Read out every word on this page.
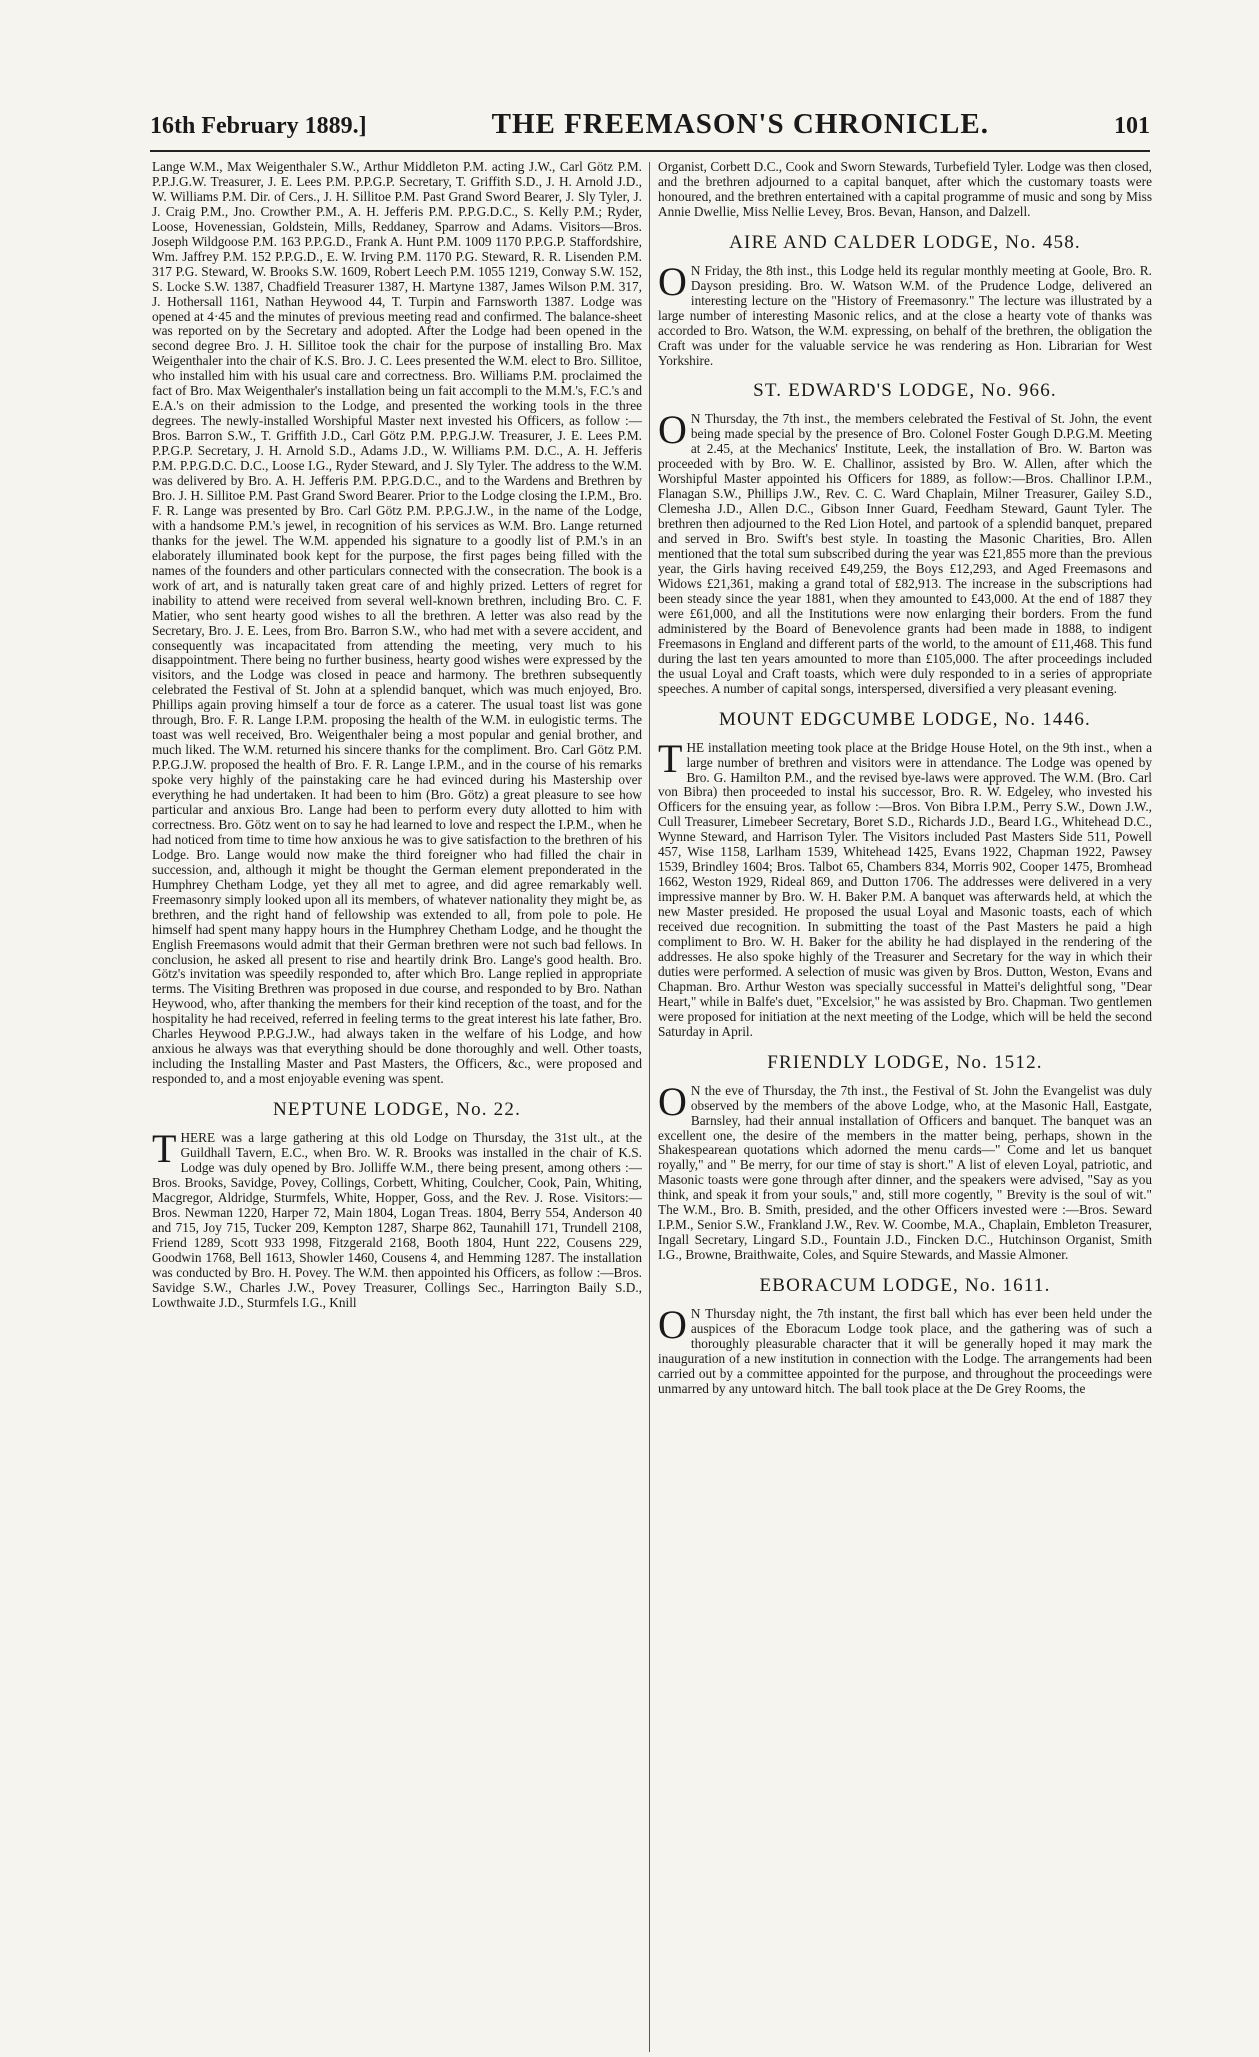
16th February 1889.]	THE FREEMASON'S CHRONICLE.	101

Lange W.M., Max Weigenthaler S.W., Arthur Middleton P.M. acting J.W., Carl Götz P.M. P.P.J.G.W. Treasurer, J. E. Lees P.M. P.P.G.P. Secretary, T. Griffith S.D., J. H. Arnold J.D., W. Williams P.M. Dir. of Cers., J. H. Sillitoe P.M. Past Grand Sword Bearer, J. Sly Tyler, J. J. Craig P.M., Jno. Crowther P.M., A. H. Jefferis P.M. P.P.G.D.C., S. Kelly P.M.; Ryder, Loose, Hovenessian, Goldstein, Mills, Reddaney, Sparrow and Adams. Visitors—Bros. Joseph Wildgoose P.M. 163 P.P.G.D., Frank A. Hunt P.M. 1009 1170 P.P.G.P. Staffordshire, Wm. Jaffrey P.M. 152 P.P.G.D., E. W. Irving P.M. 1170 P.G. Steward, R. R. Lisenden P.M. 317 P.G. Steward, W. Brooks S.W. 1609, Robert Leech P.M. 1055 1219, Conway S.W. 152, S. Locke S.W. 1387, Chadfield Treasurer 1387, H. Martyne 1387, James Wilson P.M. 317, J. Hothersall 1161, Nathan Heywood 44, T. Turpin and Farnsworth 1387. Lodge was opened at 4·45 and the minutes of previous meeting read and confirmed. The balance-sheet was reported on by the Secretary and adopted. After the Lodge had been opened in the second degree Bro. J. H. Sillitoe took the chair for the purpose of installing Bro. Max Weigenthaler into the chair of K.S. Bro. J. C. Lees presented the W.M. elect to Bro. Sillitoe, who installed him with his usual care and correctness. Bro. Williams P.M. proclaimed the fact of Bro. Max Weigenthaler's installation being un fait accompli to the M.M.'s, F.C.'s and E.A.'s on their admission to the Lodge, and presented the working tools in the three degrees. The newly-installed Worshipful Master next invested his Officers, as follow :—Bros. Barron S.W., T. Griffith J.D., Carl Götz P.M. P.P.G.J.W. Treasurer, J. E. Lees P.M. P.P.G.P. Secretary, J. H. Arnold S.D., Adams J.D., W. Williams P.M. D.C., A. H. Jefferis P.M. P.P.G.D.C. D.C., Loose I.G., Ryder Steward, and J. Sly Tyler. The address to the W.M. was delivered by Bro. A. H. Jefferis P.M. P.P.G.D.C., and to the Wardens and Brethren by Bro. J. H. Sillitoe P.M. Past Grand Sword Bearer. Prior to the Lodge closing the I.P.M., Bro. F. R. Lange was presented by Bro. Carl Götz P.M. P.P.G.J.W., in the name of the Lodge, with a handsome P.M.'s jewel, in recognition of his services as W.M. Bro. Lange returned thanks for the jewel. The W.M. appended his signature to a goodly list of P.M.'s in an elaborately illuminated book kept for the purpose, the first pages being filled with the names of the founders and other particulars connected with the consecration. The book is a work of art, and is naturally taken great care of and highly prized. Letters of regret for inability to attend were received from several well-known brethren, including Bro. C. F. Matier, who sent hearty good wishes to all the brethren. A letter was also read by the Secretary, Bro. J. E. Lees, from Bro. Barron S.W., who had met with a severe accident, and consequently was incapacitated from attending the meeting, very much to his disappointment. There being no further business, hearty good wishes were expressed by the visitors, and the Lodge was closed in peace and harmony. The brethren subsequently celebrated the Festival of St. John at a splendid banquet, which was much enjoyed, Bro. Phillips again proving himself a tour de force as a caterer. The usual toast list was gone through, Bro. F. R. Lange I.P.M. proposing the health of the W.M. in eulogistic terms. The toast was well received, Bro. Weigenthaler being a most popular and genial brother, and much liked. The W.M. returned his sincere thanks for the compliment. Bro. Carl Götz P.M. P.P.G.J.W. proposed the health of Bro. F. R. Lange I.P.M., and in the course of his remarks spoke very highly of the painstaking care he had evinced during his Mastership over everything he had undertaken. It had been to him (Bro. Götz) a great pleasure to see how particular and anxious Bro. Lange had been to perform every duty allotted to him with correctness. Bro. Götz went on to say he had learned to love and respect the I.P.M., when he had noticed from time to time how anxious he was to give satisfaction to the brethren of his Lodge. Bro. Lange would now make the third foreigner who had filled the chair in succession, and, although it might be thought the German element preponderated in the Humphrey Chetham Lodge, yet they all met to agree, and did agree remarkably well. Freemasonry simply looked upon all its members, of whatever nationality they might be, as brethren, and the right hand of fellowship was extended to all, from pole to pole. He himself had spent many happy hours in the Humphrey Chetham Lodge, and he thought the English Freemasons would admit that their German brethren were not such bad fellows. In conclusion, he asked all present to rise and heartily drink Bro. Lange's good health. Bro. Götz's invitation was speedily responded to, after which Bro. Lange replied in appropriate terms. The Visiting Brethren was proposed in due course, and responded to by Bro. Nathan Heywood, who, after thanking the members for their kind reception of the toast, and for the hospitality he had received, referred in feeling terms to the great interest his late father, Bro. Charles Heywood P.P.G.J.W., had always taken in the welfare of his Lodge, and how anxious he always was that everything should be done thoroughly and well. Other toasts, including the Installing Master and Past Masters, the Officers, &c., were proposed and responded to, and a most enjoyable evening was spent.

NEPTUNE LODGE, No. 22.

THERE was a large gathering at this old Lodge on Thursday, the 31st ult., at the Guildhall Tavern, E.C., when Bro. W. R. Brooks was installed in the chair of K.S. Lodge was duly opened by Bro. Jolliffe W.M., there being present, among others :—Bros. Brooks, Savidge, Povey, Collings, Corbett, Whiting, Coulcher, Cook, Pain, Whiting, Macgregor, Aldridge, Sturmfels, White, Hopper, Goss, and the Rev. J. Rose. Visitors:—Bros. Newman 1220, Harper 72, Main 1804, Logan Treas. 1804, Berry 554, Anderson 40 and 715, Joy 715, Tucker 209, Kempton 1287, Sharpe 862, Taunahill 171, Trundell 2108, Friend 1289, Scott 933 1998, Fitzgerald 2168, Booth 1804, Hunt 222, Cousens 229, Goodwin 1768, Bell 1613, Showler 1460, Cousens 4, and Hemming 1287. The installation was conducted by Bro. H. Povey. The W.M. then appointed his Officers, as follow :—Bros. Savidge S.W., Charles J.W., Povey Treasurer, Collings Sec., Harrington Baily S.D., Lowthwaite J.D., Sturmfels I.G., Knill

Organist, Corbett D.C., Cook and Sworn Stewards, Turbefield Tyler. Lodge was then closed, and the brethren adjourned to a capital banquet, after which the customary toasts were honoured, and the brethren entertained with a capital programme of music and song by Miss Annie Dwellie, Miss Nellie Levey, Bros. Bevan, Hanson, and Dalzell.

AIRE AND CALDER LODGE, No. 458.

ON Friday, the 8th inst., this Lodge held its regular monthly meeting at Goole, Bro. R. Dayson presiding. Bro. W. Watson W.M. of the Prudence Lodge, delivered an interesting lecture on the "History of Freemasonry." The lecture was illustrated by a large number of interesting Masonic relics, and at the close a hearty vote of thanks was accorded to Bro. Watson, the W.M. expressing, on behalf of the brethren, the obligation the Craft was under for the valuable service he was rendering as Hon. Librarian for West Yorkshire.

ST. EDWARD'S LODGE, No. 966.

ON Thursday, the 7th inst., the members celebrated the Festival of St. John, the event being made special by the presence of Bro. Colonel Foster Gough D.P.G.M. Meeting at 2.45, at the Mechanics' Institute, Leek, the installation of Bro. W. Barton was proceeded with by Bro. W. E. Challinor, assisted by Bro. W. Allen, after which the Worshipful Master appointed his Officers for 1889, as follow:—Bros. Challinor I.P.M., Flanagan S.W., Phillips J.W., Rev. C. C. Ward Chaplain, Milner Treasurer, Gailey S.D., Clemesha J.D., Allen D.C., Gibson Inner Guard, Feedham Steward, Gaunt Tyler. The brethren then adjourned to the Red Lion Hotel, and partook of a splendid banquet, prepared and served in Bro. Swift's best style. In toasting the Masonic Charities, Bro. Allen mentioned that the total sum subscribed during the year was £21,855 more than the previous year, the Girls having received £49,259, the Boys £12,293, and Aged Freemasons and Widows £21,361, making a grand total of £82,913. The increase in the subscriptions had been steady since the year 1881, when they amounted to £43,000. At the end of 1887 they were £61,000, and all the Institutions were now enlarging their borders. From the fund administered by the Board of Benevolence grants had been made in 1888, to indigent Freemasons in England and different parts of the world, to the amount of £11,468. This fund during the last ten years amounted to more than £105,000. The after proceedings included the usual Loyal and Craft toasts, which were duly responded to in a series of appropriate speeches. A number of capital songs, interspersed, diversified a very pleasant evening.

MOUNT EDGCUMBE LODGE, No. 1446.

THE installation meeting took place at the Bridge House Hotel, on the 9th inst., when a large number of brethren and visitors were in attendance. The Lodge was opened by Bro. G. Hamilton P.M., and the revised bye-laws were approved. The W.M. (Bro. Carl von Bibra) then proceeded to instal his successor, Bro. R. W. Edgeley, who invested his Officers for the ensuing year, as follow :—Bros. Von Bibra I.P.M., Perry S.W., Down J.W., Cull Treasurer, Limebeer Secretary, Boret S.D., Richards J.D., Beard I.G., Whitehead D.C., Wynne Steward, and Harrison Tyler. The Visitors included Past Masters Side 511, Powell 457, Wise 1158, Larlham 1539, Whitehead 1425, Evans 1922, Chapman 1922, Pawsey 1539, Brindley 1604; Bros. Talbot 65, Chambers 834, Morris 902, Cooper 1475, Bromhead 1662, Weston 1929, Rideal 869, and Dutton 1706. The addresses were delivered in a very impressive manner by Bro. W. H. Baker P.M. A banquet was afterwards held, at which the new Master presided. He proposed the usual Loyal and Masonic toasts, each of which received due recognition. In submitting the toast of the Past Masters he paid a high compliment to Bro. W. H. Baker for the ability he had displayed in the rendering of the addresses. He also spoke highly of the Treasurer and Secretary for the way in which their duties were performed. A selection of music was given by Bros. Dutton, Weston, Evans and Chapman. Bro. Arthur Weston was specially successful in Mattei's delightful song, "Dear Heart," while in Balfe's duet, "Excelsior," he was assisted by Bro. Chapman. Two gentlemen were proposed for initiation at the next meeting of the Lodge, which will be held the second Saturday in April.

FRIENDLY LODGE, No. 1512.

ON the eve of Thursday, the 7th inst., the Festival of St. John the Evangelist was duly observed by the members of the above Lodge, who, at the Masonic Hall, Eastgate, Barnsley, had their annual installation of Officers and banquet. The banquet was an excellent one, the desire of the members in the matter being, perhaps, shown in the Shakespearean quotations which adorned the menu cards—" Come and let us banquet royally," and " Be merry, for our time of stay is short." A list of eleven Loyal, patriotic, and Masonic toasts were gone through after dinner, and the speakers were advised, "Say as you think, and speak it from your souls," and, still more cogently, " Brevity is the soul of wit." The W.M., Bro. B. Smith, presided, and the other Officers invested were :—Bros. Seward I.P.M., Senior S.W., Frankland J.W., Rev. W. Coombe, M.A., Chaplain, Embleton Treasurer, Ingall Secretary, Lingard S.D., Fountain J.D., Fincken D.C., Hutchinson Organist, Smith I.G., Browne, Braithwaite, Coles, and Squire Stewards, and Massie Almoner.

EBORACUM LODGE, No. 1611.

ON Thursday night, the 7th instant, the first ball which has ever been held under the auspices of the Eboracum Lodge took place, and the gathering was of such a thoroughly pleasurable character that it will be generally hoped it may mark the inauguration of a new institution in connection with the Lodge. The arrangements had been carried out by a committee appointed for the purpose, and throughout the proceedings were unmarred by any untoward hitch. The ball took place at the De Grey Rooms, the
